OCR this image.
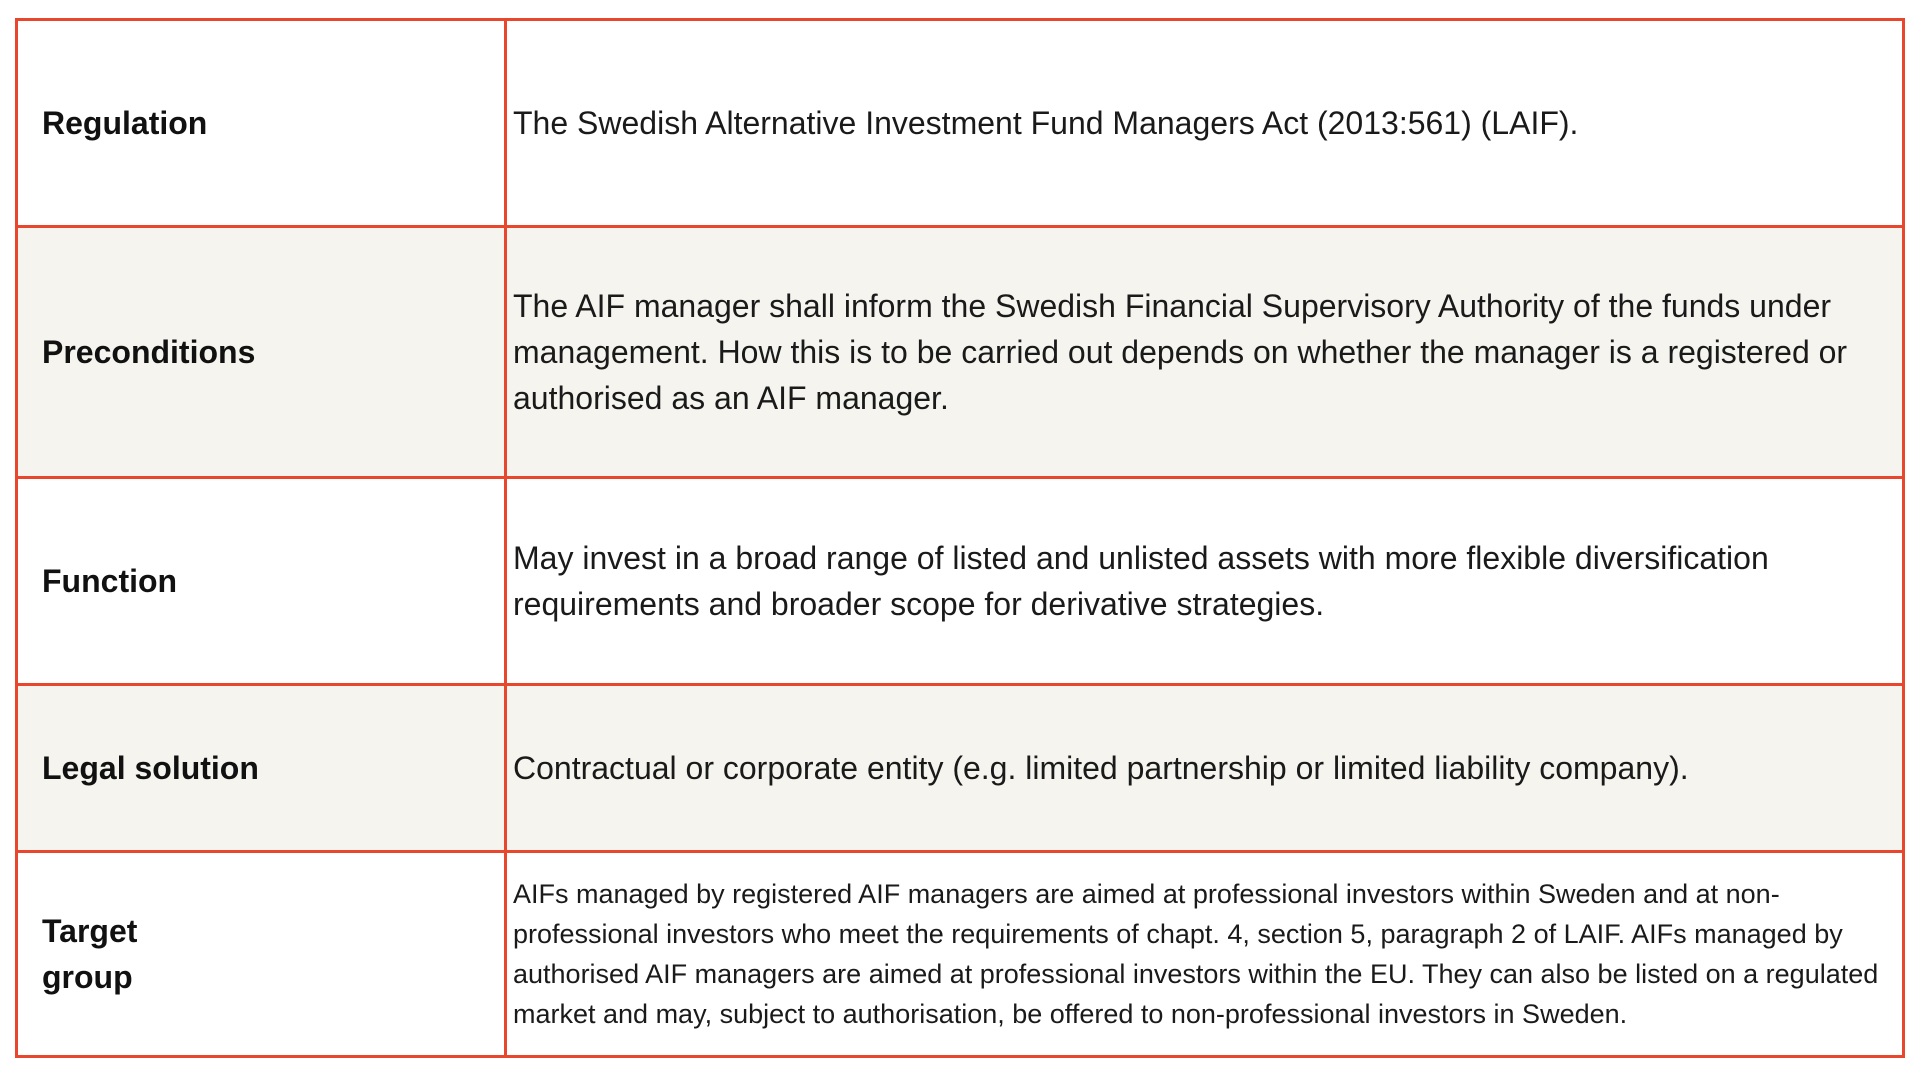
Regulation	The Swedish Alternative Investment Fund Managers Act (2013:561) (LAIF).
Preconditions	The AIF manager shall inform the Swedish Financial Supervisory Authority of the funds under management. How this is to be carried out depends on whether the manager is a registered or authorised as an AIF manager.
Function	May invest in a broad range of listed and unlisted assets with more flexible diversification requirements and broader scope for derivative strategies.
Legal solution	Contractual or corporate entity (e.g. limited partnership or limited liability company).

Target
group	AIFs managed by registered AIF managers are aimed at professional investors within Sweden and at non-professional investors who meet the requirements of chapt. 4, section 5, paragraph 2 of LAIF. AIFs managed by authorised AIF managers are aimed at professional investors within the EU. They can also be listed on a regulated market and may, subject to authorisation, be offered to non-professional investors in Sweden.
